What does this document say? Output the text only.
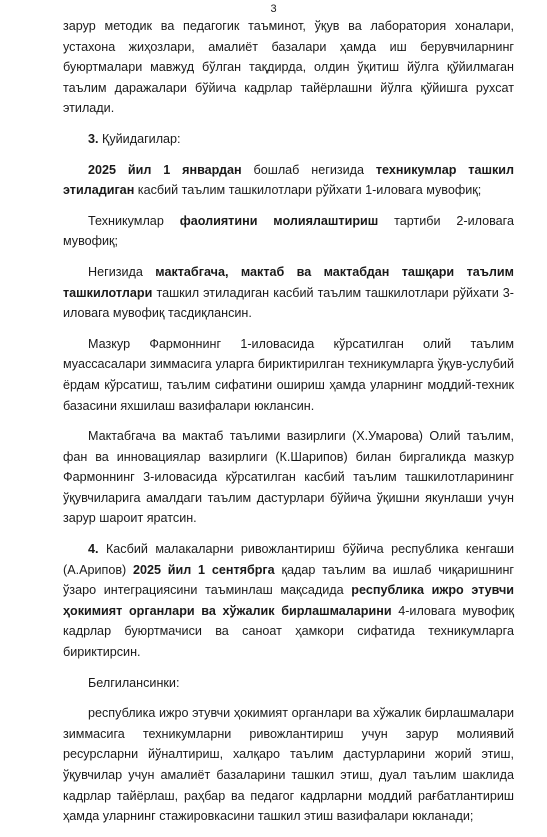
3

зарур методик ва педагогик таъминот, ўқув ва лаборатория хоналари, устахона жиҳозлари, амалиёт базалари ҳамда иш берувчиларнинг буюртмалари мавжуд бўлган тақдирда, олдин ўқитиш йўлга қўйилмаган таълим даражалари бўйича кадрлар тайёрлашни йўлга қўйишга рухсат этилади.

3. Қуйидагилар:

2025 йил 1 январдан бошлаб негизида техникумлар ташкил этиладиган касбий таълим ташкилотлари рўйхати 1-иловага мувофиқ;

Техникумлар фаолиятини молиялаштириш тартиби 2-иловага мувофиқ;

Негизида мактабгача, мактаб ва мактабдан ташқари таълим ташкилотлари ташкил этиладиган касбий таълим ташкилотлари рўйхати 3-иловага мувофиқ тасдиқлансин.

Мазкур Фармоннинг 1-иловасида кўрсатилган олий таълим муассасалари зиммасига уларга бириктирилган техникумларга ўқув-услубий ёрдам кўрсатиш, таълим сифатини ошириш ҳамда уларнинг моддий-техник базасини яхшилаш вазифалари юклансин.

Мактабгача ва мактаб таълими вазирлиги (Х.Умарова) Олий таълим, фан ва инновациялар вазирлиги (К.Шарипов) билан биргаликда мазкур Фармоннинг 3-иловасида кўрсатилган касбий таълим ташкилотларининг ўқувчиларига амалдаги таълим дастурлари бўйича ўқишни якунлаши учун зарур шароит яратсин.

4. Касбий малакаларни ривожлантириш бўйича республика кенгаши (А.Арипов) 2025 йил 1 сентябрга қадар таълим ва ишлаб чиқаришнинг ўзаро интеграциясини таъминлаш мақсадида республика ижро этувчи ҳокимият органлари ва хўжалик бирлашмаларини 4-иловага мувофиқ кадрлар буюртмачиси ва саноат ҳамкори сифатида техникумларга бириктирсин.

Белгилансинки:

республика ижро этувчи ҳокимият органлари ва хўжалик бирлашмалари зиммасига техникумларни ривожлантириш учун зарур молиявий ресурсларни йўналтириш, халқаро таълим дастурларини жорий этиш, ўқувчилар учун амалиёт базаларини ташкил этиш, дуал таълим шаклида кадрлар тайёрлаш, раҳбар ва педагог кадрларни моддий рағбатлантириш ҳамда уларнинг стажировкасини ташкил этиш вазифалари юкланади;
